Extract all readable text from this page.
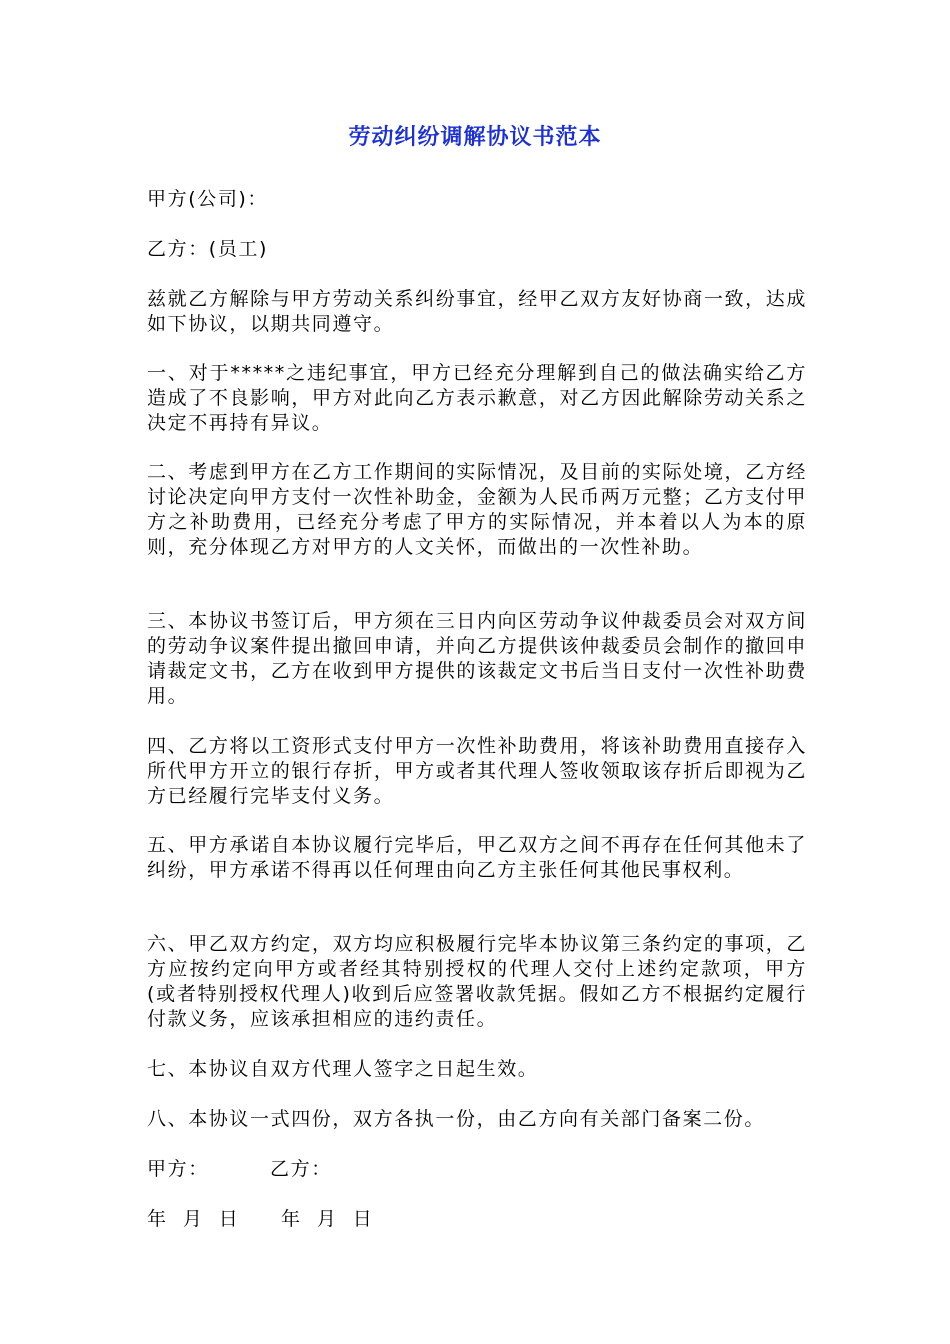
劳动纠纷调解协议书范本

甲方(公司)：

乙方：(员工)

兹就乙方解除与甲方劳动关系纠纷事宜，经甲乙双方友好协商一致，达成如下协议，以期共同遵守。

一、对于*****之违纪事宜，甲方已经充分理解到自己的做法确实给乙方造成了不良影响，甲方对此向乙方表示歉意，对乙方因此解除劳动关系之决定不再持有异议。

二、考虑到甲方在乙方工作期间的实际情况，及目前的实际处境，乙方经讨论决定向甲方支付一次性补助金，金额为人民币两万元整；乙方支付甲方之补助费用，已经充分考虑了甲方的实际情况，并本着以人为本的原则，充分体现乙方对甲方的人文关怀，而做出的一次性补助。

三、本协议书签订后，甲方须在三日内向区劳动争议仲裁委员会对双方间的劳动争议案件提出撤回申请，并向乙方提供该仲裁委员会制作的撤回申请裁定文书，乙方在收到甲方提供的该裁定文书后当日支付一次性补助费用。

四、乙方将以工资形式支付甲方一次性补助费用，将该补助费用直接存入所代甲方开立的银行存折，甲方或者其代理人签收领取该存折后即视为乙方已经履行完毕支付义务。

五、甲方承诺自本协议履行完毕后，甲乙双方之间不再存在任何其他未了纠纷，甲方承诺不得再以任何理由向乙方主张任何其他民事权利。

六、甲乙双方约定，双方均应积极履行完毕本协议第三条约定的事项，乙方应按约定向甲方或者经其特别授权的代理人交付上述约定款项，甲方(或者特别授权代理人)收到后应签署收款凭据。假如乙方不根据约定履行付款义务，应该承担相应的违约责任。

七、本协议自双方代理人签字之日起生效。

八、本协议一式四份，双方各执一份，由乙方向有关部门备案二份。

甲方：	乙方：
年  月  日 年  月  日
